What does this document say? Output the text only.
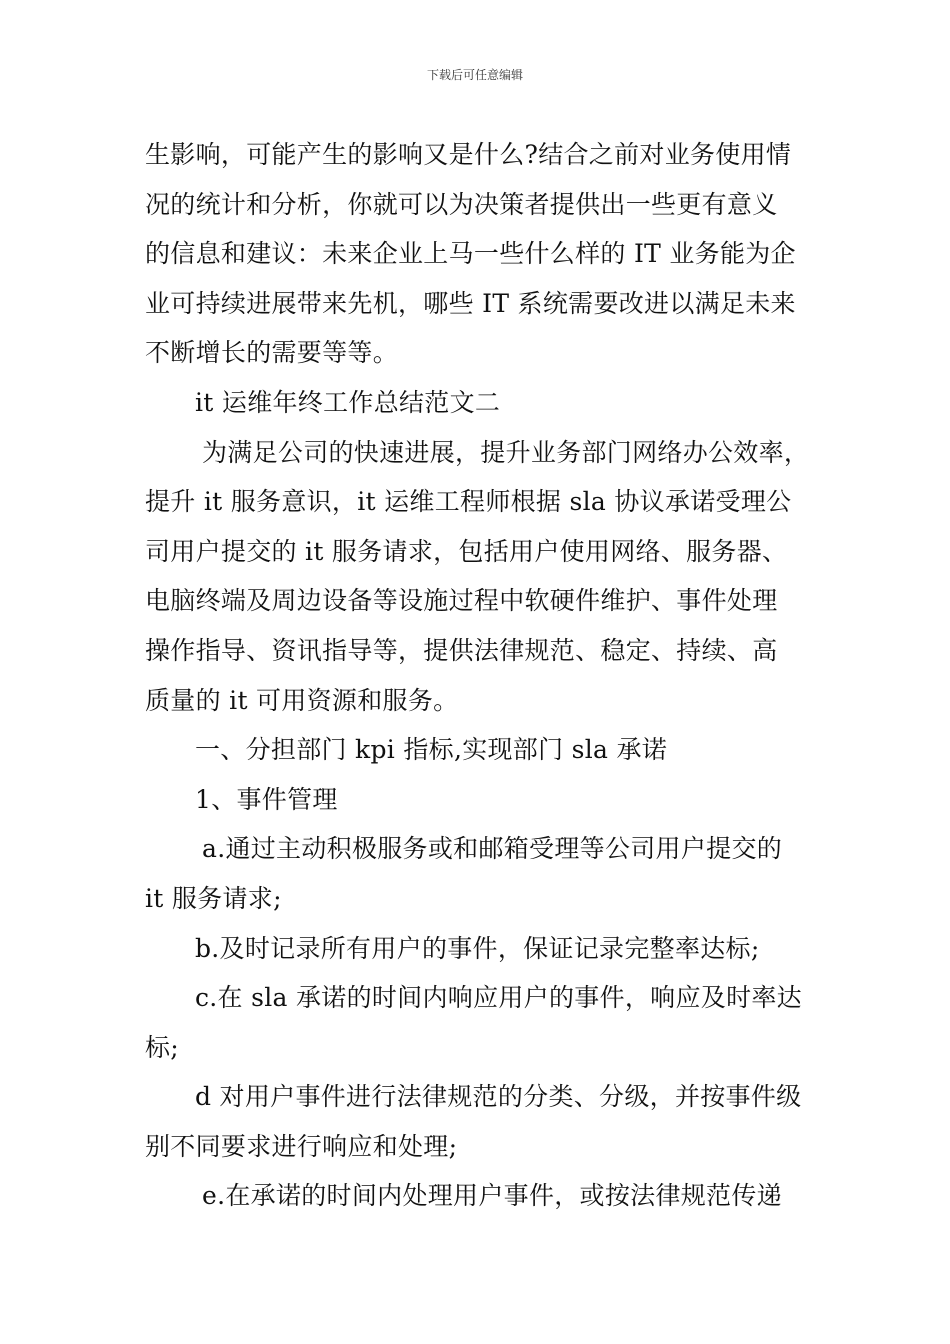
下载后可任意编辑
生影响，可能产生的影响又是什么?结合之前对业务使用情
况的统计和分析，你就可以为决策者提供出一些更有意义
的信息和建议：未来企业上马一些什么样的 IT 业务能为企
业可持续进展带来先机，哪些 IT 系统需要改进以满足未来
不断增长的需要等等。
it 运维年终工作总结范文二
为满足公司的快速进展，提升业务部门网络办公效率，
提升 it 服务意识，it 运维工程师根据 sla 协议承诺受理公
司用户提交的 it 服务请求，包括用户使用网络、服务器、
电脑终端及周边设备等设施过程中软硬件维护、事件处理
操作指导、资讯指导等，提供法律规范、稳定、持续、高
质量的 it 可用资源和服务。
一、分担部门 kpi 指标,实现部门 sla 承诺
1、事件管理
a.通过主动积极服务或和邮箱受理等公司用户提交的
it 服务请求;
b.及时记录所有用户的事件，保证记录完整率达标;
c.在 sla 承诺的时间内响应用户的事件，响应及时率达
标;
d 对用户事件进行法律规范的分类、分级，并按事件级
别不同要求进行响应和处理;
e.在承诺的时间内处理用户事件，或按法律规范传递
